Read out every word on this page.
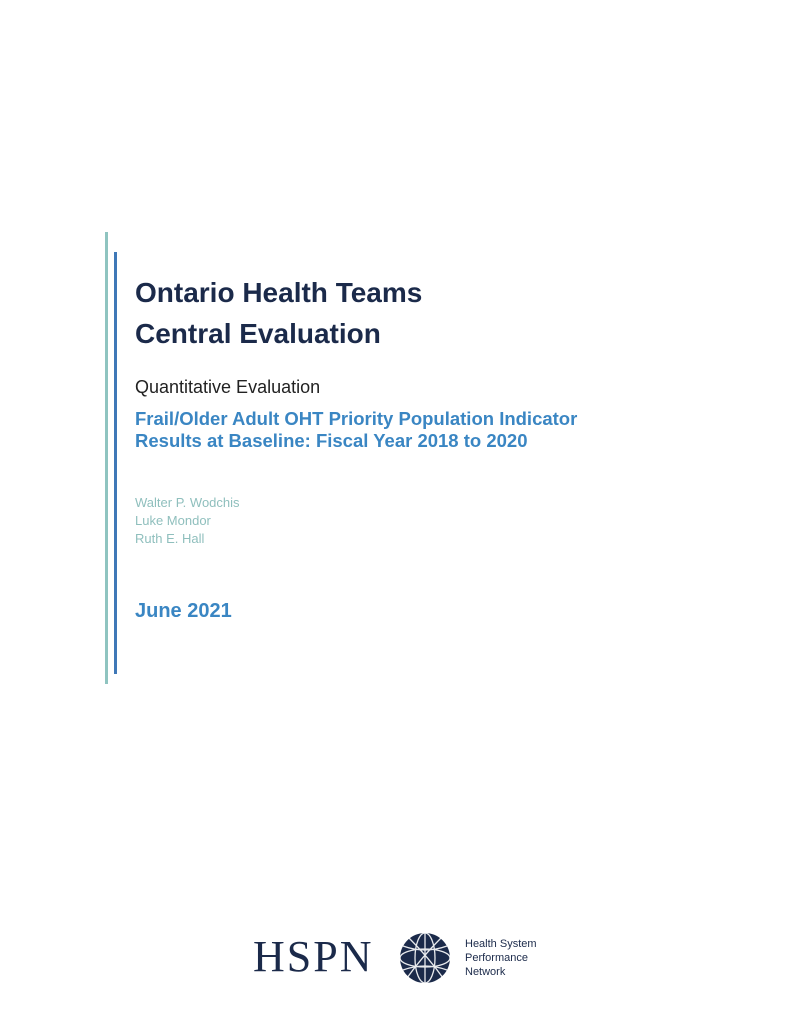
Ontario Health Teams
Central Evaluation
Quantitative Evaluation
Frail/Older Adult OHT Priority Population Indicator
Results at Baseline: Fiscal Year 2018 to 2020
Walter P. Wodchis
Luke Mondor
Ruth E. Hall
June 2021
HSPN	Health System
Performance
Network
